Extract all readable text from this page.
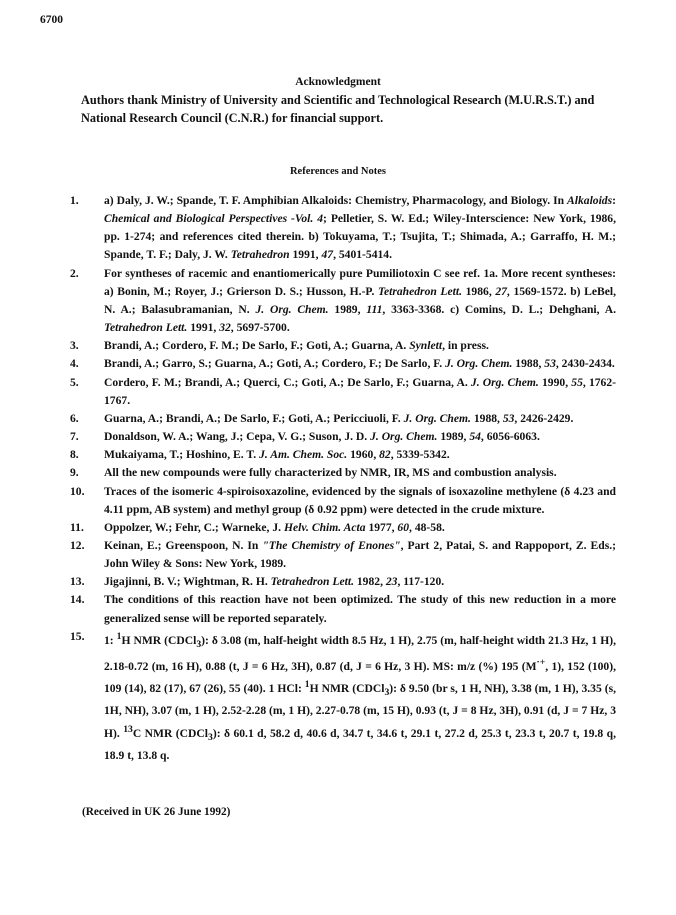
6700
Acknowledgment
Authors thank Ministry of University and Scientific and Technological Research (M.U.R.S.T.) and National Research Council (C.N.R.) for financial support.
References and Notes
1.	a) Daly, J. W.; Spande, T. F. Amphibian Alkaloids: Chemistry, Pharmacology, and Biology. In Alkaloids: Chemical and Biological Perspectives -Vol. 4; Pelletier, S. W. Ed.; Wiley-Interscience: New York, 1986, pp. 1-274; and references cited therein. b) Tokuyama, T.; Tsujita, T.; Shimada, A.; Garraffo, H. M.; Spande, T. F.; Daly, J. W. Tetrahedron 1991, 47, 5401-5414.
2.	For syntheses of racemic and enantiomerically pure Pumiliotoxin C see ref. 1a. More recent syntheses: a) Bonin, M.; Royer, J.; Grierson D. S.; Husson, H.-P. Tetrahedron Lett. 1986, 27, 1569-1572. b) LeBel, N. A.; Balasubramanian, N. J. Org. Chem. 1989, 111, 3363-3368. c) Comins, D. L.; Dehghani, A. Tetrahedron Lett. 1991, 32, 5697-5700.
3.	Brandi, A.; Cordero, F. M.; De Sarlo, F.; Goti, A.; Guarna, A. Synlett, in press.
4.	Brandi, A.; Garro, S.; Guarna, A.; Goti, A.; Cordero, F.; De Sarlo, F. J. Org. Chem. 1988, 53, 2430-2434.
5.	Cordero, F. M.; Brandi, A.; Querci, C.; Goti, A.; De Sarlo, F.; Guarna, A. J. Org. Chem. 1990, 55, 1762-1767.
6.	Guarna, A.; Brandi, A.; De Sarlo, F.; Goti, A.; Pericciuoli, F. J. Org. Chem. 1988, 53, 2426-2429.
7.	Donaldson, W. A.; Wang, J.; Cepa, V. G.; Suson, J. D. J. Org. Chem. 1989, 54, 6056-6063.
8.	Mukaiyama, T.; Hoshino, E. T. J. Am. Chem. Soc. 1960, 82, 5339-5342.
9.	All the new compounds were fully characterized by NMR, IR, MS and combustion analysis.
10.	Traces of the isomeric 4-spiroisoxazoline, evidenced by the signals of isoxazoline methylene (δ 4.23 and 4.11 ppm, AB system) and methyl group (δ 0.92 ppm) were detected in the crude mixture.
11.	Oppolzer, W.; Fehr, C.; Warneke, J. Helv. Chim. Acta 1977, 60, 48-58.
12.	Keinan, E.; Greenspoon, N. In "The Chemistry of Enones", Part 2, Patai, S. and Rappoport, Z. Eds.; John Wiley & Sons: New York, 1989.
13.	Jigajinni, B. V.; Wightman, R. H. Tetrahedron Lett. 1982, 23, 117-120.
14.	The conditions of this reaction have not been optimized. The study of this new reduction in a more generalized sense will be reported separately.
15.	1: $^1$H NMR (CDCl$_3$): δ 3.08 (m, half-height width 8.5 Hz, 1 H), 2.75 (m, half-height width 21.3 Hz, 1 H), 2.18-0.72 (m, 16 H), 0.88 (t, J = 6 Hz, 3H), 0.87 (d, J = 6 Hz, 3 H). MS: m/z (%) 195 (M·+, 1), 152 (100), 109 (14), 82 (17), 67 (26), 55 (40). 1 HCl: $^1$H NMR (CDCl$_3$): δ 9.50 (br s, 1 H, NH), 3.38 (m, 1 H), 3.35 (s, 1H, NH), 3.07 (m, 1 H), 2.52-2.28 (m, 1 H), 2.27-0.78 (m, 15 H), 0.93 (t, J = 8 Hz, 3H), 0.91 (d, J = 7 Hz, 3 H). $^{13}$C NMR (CDCl$_3$): δ 60.1 d, 58.2 d, 40.6 d, 34.7 t, 34.6 t, 29.1 t, 27.2 d, 25.3 t, 23.3 t, 20.7 t, 19.8 q, 18.9 t, 13.8 q.
(Received in UK 26 June 1992)
